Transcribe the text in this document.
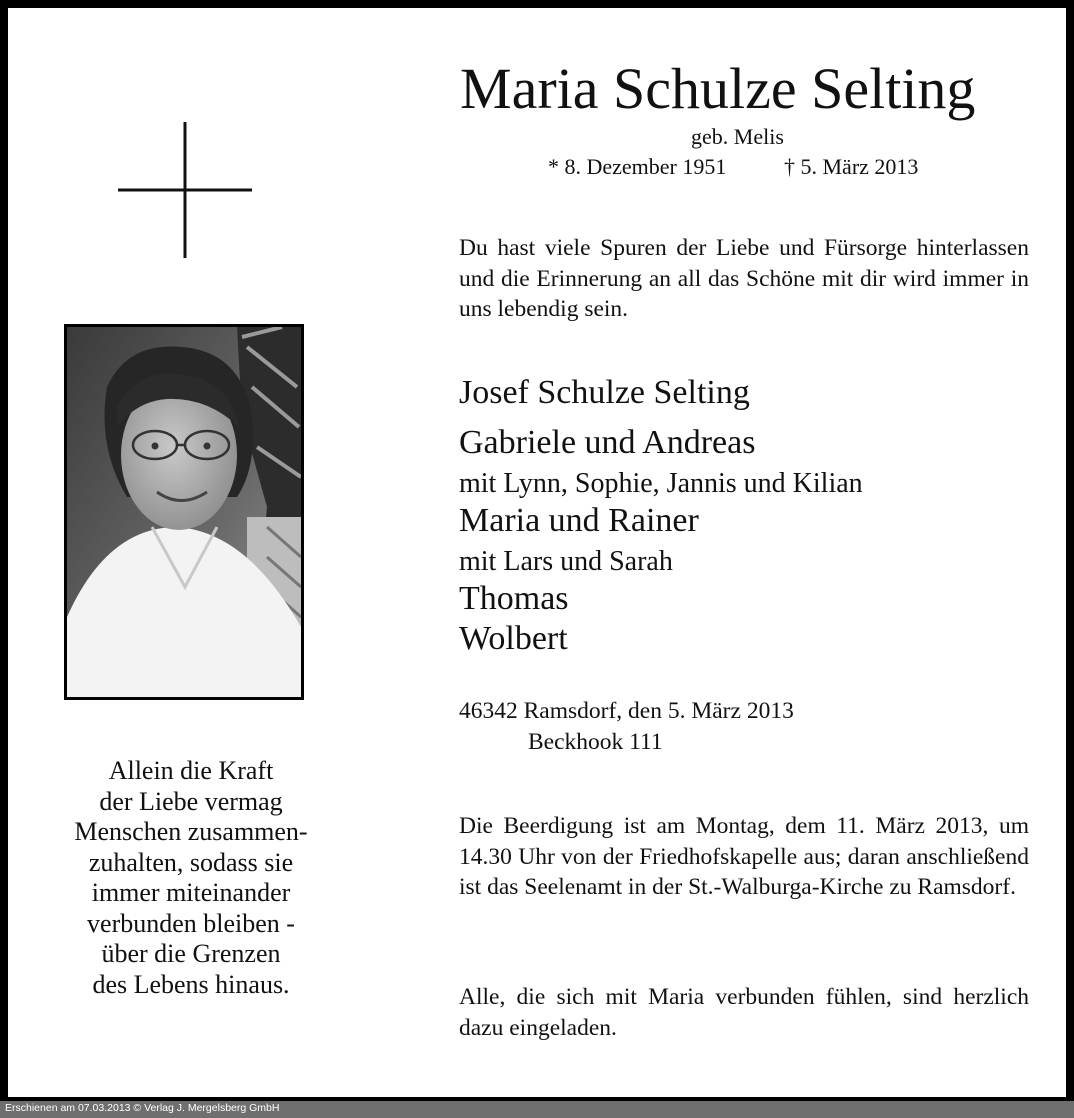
Maria Schulze Selting
geb. Melis
* 8. Dezember 1951	† 5. März 2013
Du hast viele Spuren der Liebe und Fürsorge hinterlassen und die Erinnerung an all das Schöne mit dir wird immer in uns lebendig sein.
Josef Schulze Selting
Gabriele und Andreas
mit Lynn, Sophie, Jannis und Kilian
Maria und Rainer
mit Lars und Sarah
Thomas
Wolbert
46342 Ramsdorf, den 5. März 2013
Beckhook 111
Die Beerdigung ist am Montag, dem 11. März 2013, um 14.30 Uhr von der Friedhofskapelle aus; daran anschließend ist das Seelenamt in der St.-Walburga-Kirche zu Ramsdorf.
Alle, die sich mit Maria verbunden fühlen, sind herzlich dazu eingeladen.
Allein die Kraft
der Liebe vermag
Menschen zusammen-
zuhalten, sodass sie
immer miteinander
verbunden bleiben -
über die Grenzen
des Lebens hinaus.
Erschienen am 07.03.2013 © Verlag J. Mergelsberg GmbH
